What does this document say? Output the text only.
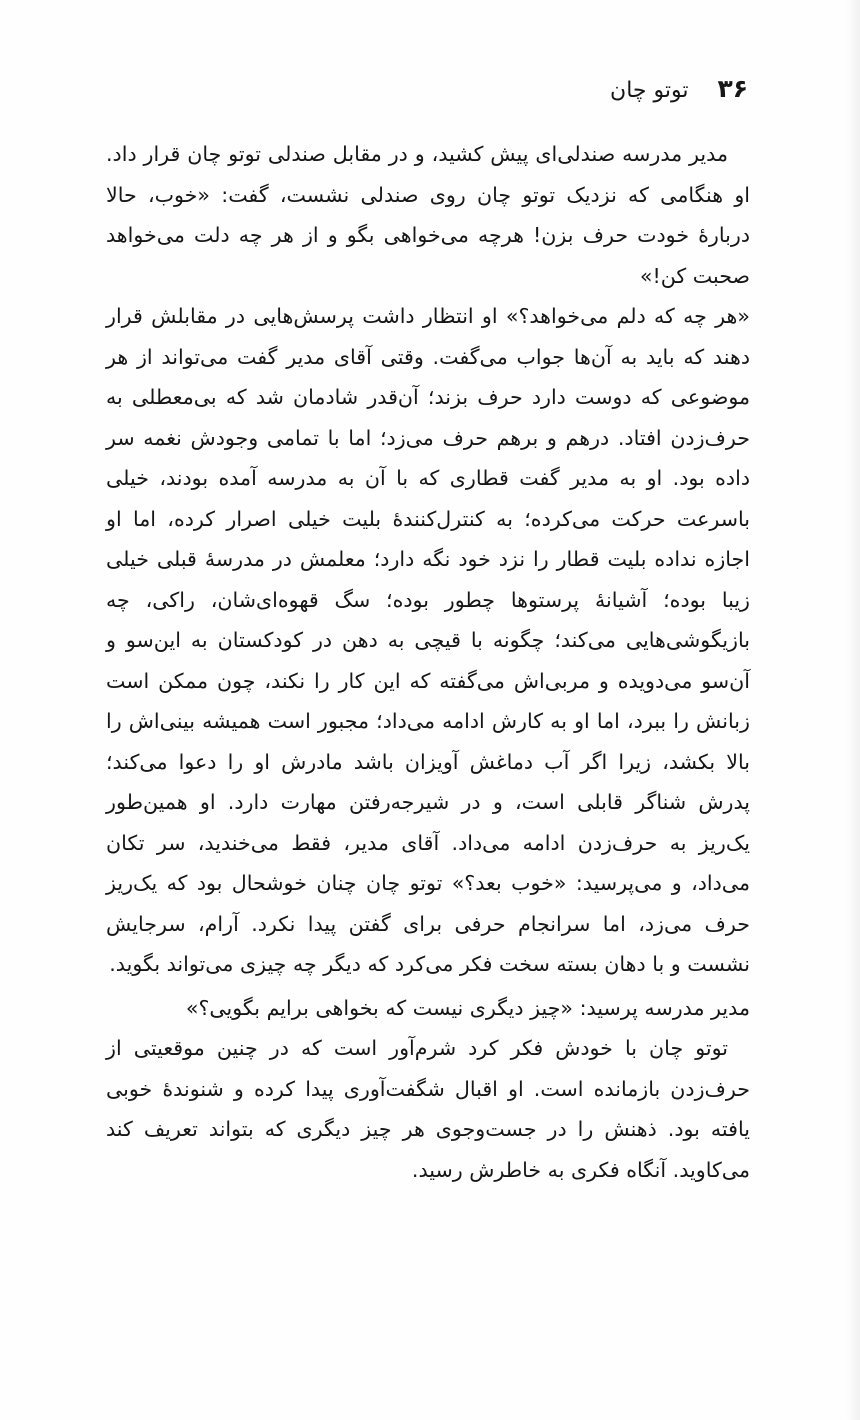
۳۶ توتو چان

مدیر مدرسه صندلی‌ای پیش کشید، و در مقابل صندلی توتو چان قرار داد. او هنگامی که نزدیک توتو چان روی صندلی نشست، گفت: «خوب، حالا دربارهٔ خودت حرف بزن! هرچه می‌خواهی بگو و از هر چه دلت می‌خواهد صحبت کن!»

«هر چه که دلم می‌خواهد؟» او انتظار داشت پرسش‌هایی در مقابلش قرار دهند که باید به آن‌ها جواب می‌گفت. وقتی آقای مدیر گفت می‌تواند از هر موضوعی که دوست دارد حرف بزند؛ آن‌قدر شادمان شد که بی‌معطلی به حرف‌زدن افتاد. درهم و برهم حرف می‌زد؛ اما با تمامی وجودش نغمه سر داده بود. او به مدیر گفت قطاری که با آن به مدرسه آمده بودند، خیلی باسرعت حرکت می‌کرده؛ به کنترل‌کنندهٔ بلیت خیلی اصرار کرده، اما او اجازه نداده بلیت قطار را نزد خود نگه دارد؛ معلمش در مدرسهٔ قبلی خیلی زیبا بوده؛ آشیانهٔ پرستوها چطور بوده؛ سگ قهوه‌ای‌شان، راکی، چه بازیگوشی‌هایی می‌کند؛ چگونه با قیچی به دهن در کودکستان به این‌سو و آن‌سو می‌دویده و مربی‌اش می‌گفته که این کار را نکند، چون ممکن است زبانش را ببرد، اما او به کارش ادامه می‌داد؛ مجبور است همیشه بینی‌اش را بالا بکشد، زیرا اگر آب دماغش آویزان باشد مادرش او را دعوا می‌کند؛ پدرش شناگر قابلی است، و در شیرجه‌رفتن مهارت دارد. او همین‌طور یک‌ریز به حرف‌زدن ادامه می‌داد. آقای مدیر، فقط می‌خندید، سر تکان می‌داد، و می‌پرسید: «خوب بعد؟» توتو چان چنان خوشحال بود که یک‌ریز حرف می‌زد، اما سرانجام حرفی برای گفتن پیدا نکرد. آرام، سرجایش نشست و با دهان بسته سخت فکر می‌کرد که دیگر چه چیزی می‌تواند بگوید.

مدیر مدرسه پرسید: «چیز دیگری نیست که بخواهی برایم بگویی؟»

توتو چان با خودش فکر کرد شرم‌آور است که در چنین موقعیتی از حرف‌زدن بازمانده است. او اقبال شگفت‌آوری پیدا کرده و شنوندهٔ خوبی یافته بود. ذهنش را در جست‌وجوی هر چیز دیگری که بتواند تعریف کند می‌کاوید. آنگاه فکری به خاطرش رسید.
